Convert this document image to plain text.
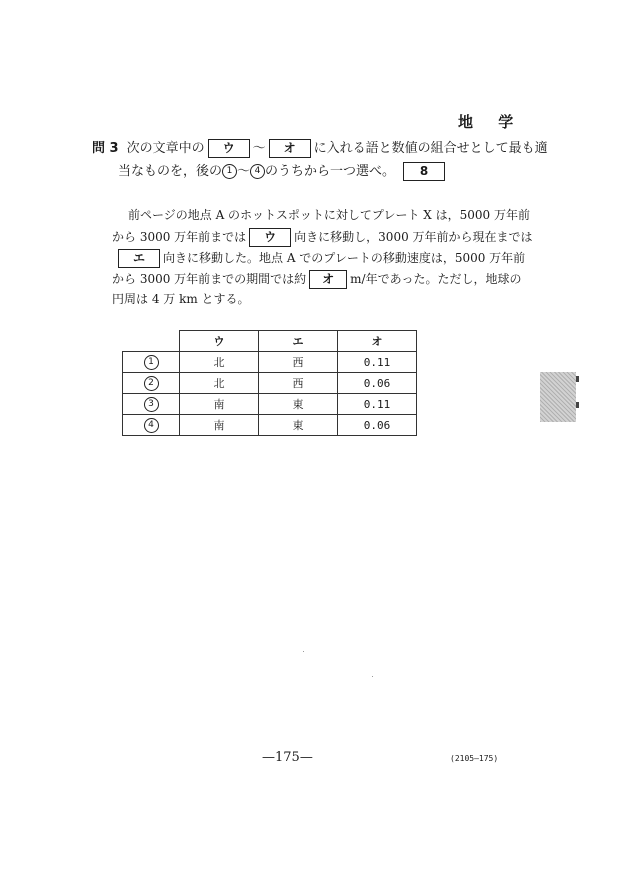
地 学
問 3 次の文章中の ウ 〜 オ に入れる語と数値の組合せとして最も適
当なものを，後の 1 〜 4 のうちから一つ選べ。 8
前ページの地点 A のホットスポットに対してプレート X は，5000 万年前
から 3000 万年前までは ウ 向きに移動し，3000 万年前から現在までは
エ 向きに移動した。地点 A でのプレートの移動速度は，5000 万年前
から 3000 万年前までの期間では約 オ m/年であった。ただし，地球の
円周は 4 万 km とする。
	ウ	エ	オ
1	北	西	0.11
2	北	西	0.06
3	南	東	0.11
4	南	東	0.06
—175—	(2105—175)
